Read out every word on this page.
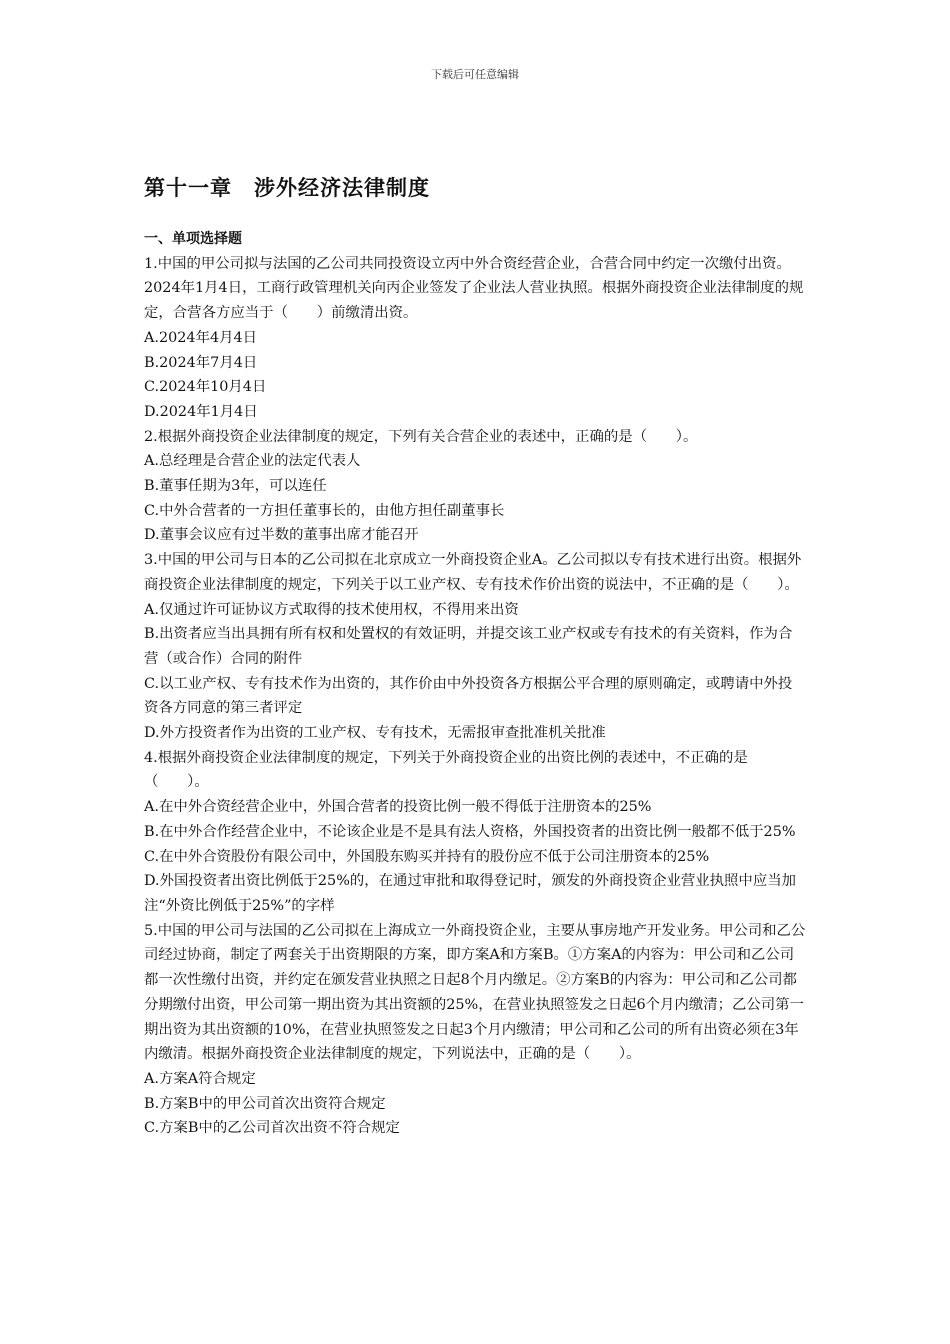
下载后可任意编辑
第十一章　涉外经济法律制度

一、单项选择题

1.中国的甲公司拟与法国的乙公司共同投资设立丙中外合资经营企业，合营合同中约定一次缴付出资。2024年1月4日，工商行政管理机关向丙企业签发了企业法人营业执照。根据外商投资企业法律制度的规定，合营各方应当于（　　）前缴清出资。

A.2024年4月4日

B.2024年7月4日

C.2024年10月4日

D.2024年1月4日

2.根据外商投资企业法律制度的规定，下列有关合营企业的表述中，正确的是（　　）。

A.总经理是合营企业的法定代表人

B.董事任期为3年，可以连任

C.中外合营者的一方担任董事长的，由他方担任副董事长

D.董事会议应有过半数的董事出席才能召开

3.中国的甲公司与日本的乙公司拟在北京成立一外商投资企业A。乙公司拟以专有技术进行出资。根据外商投资企业法律制度的规定，下列关于以工业产权、专有技术作价出资的说法中，不正确的是（　　）。

A.仅通过许可证协议方式取得的技术使用权，不得用来出资

B.出资者应当出具拥有所有权和处置权的有效证明，并提交该工业产权或专有技术的有关资料，作为合营（或合作）合同的附件

C.以工业产权、专有技术作为出资的，其作价由中外投资各方根据公平合理的原则确定，或聘请中外投资各方同意的第三者评定

D.外方投资者作为出资的工业产权、专有技术，无需报审查批准机关批准

4.根据外商投资企业法律制度的规定，下列关于外商投资企业的出资比例的表述中，不正确的是（　　）。

A.在中外合资经营企业中，外国合营者的投资比例一般不得低于注册资本的25%

B.在中外合作经营企业中，不论该企业是不是具有法人资格，外国投资者的出资比例一般都不低于25%

C.在中外合资股份有限公司中，外国股东购买并持有的股份应不低于公司注册资本的25%

D.外国投资者出资比例低于25%的，在通过审批和取得登记时，颁发的外商投资企业营业执照中应当加注“外资比例低于25%”的字样

5.中国的甲公司与法国的乙公司拟在上海成立一外商投资企业，主要从事房地产开发业务。甲公司和乙公司经过协商，制定了两套关于出资期限的方案，即方案A和方案B。①方案A的内容为：甲公司和乙公司都一次性缴付出资，并约定在颁发营业执照之日起8个月内缴足。②方案B的内容为：甲公司和乙公司都分期缴付出资，甲公司第一期出资为其出资额的25%，在营业执照签发之日起6个月内缴清；乙公司第一期出资为其出资额的10%，在营业执照签发之日起3个月内缴清；甲公司和乙公司的所有出资必须在3年内缴清。根据外商投资企业法律制度的规定，下列说法中，正确的是（　　）。

A.方案A符合规定

B.方案B中的甲公司首次出资符合规定

C.方案B中的乙公司首次出资不符合规定
